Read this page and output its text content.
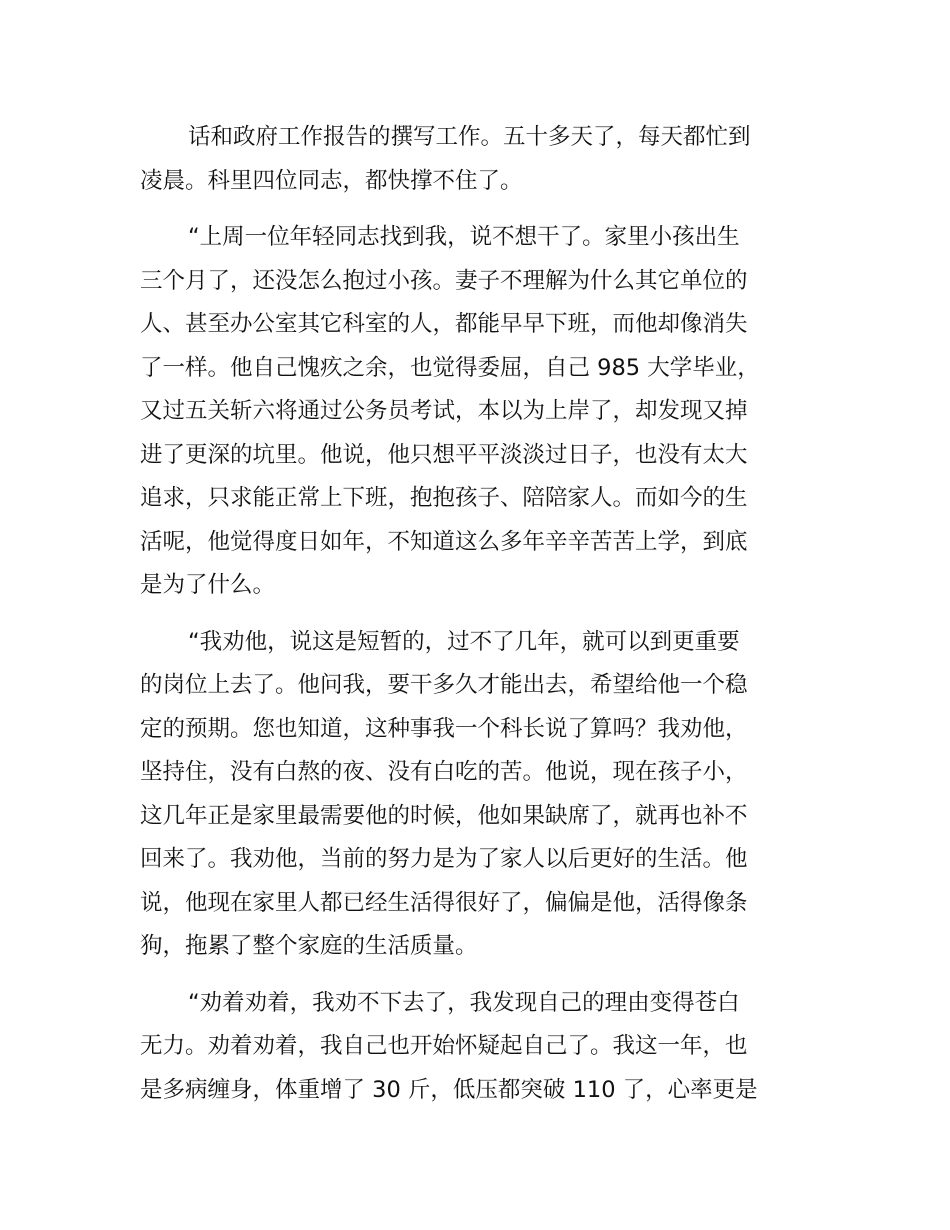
话和政府工作报告的撰写工作。五十多天了，每天都忙到
凌晨。科里四位同志，都快撑不住了。

“上周一位年轻同志找到我，说不想干了。家里小孩出生
三个月了，还没怎么抱过小孩。妻子不理解为什么其它单位的
人、甚至办公室其它科室的人，都能早早下班，而他却像消失
了一样。他自己愧疚之余，也觉得委屈，自己 985 大学毕业，
又过五关斩六将通过公务员考试，本以为上岸了，却发现又掉
进了更深的坑里。他说，他只想平平淡淡过日子，也没有太大
追求，只求能正常上下班，抱抱孩子、陪陪家人。而如今的生
活呢，他觉得度日如年，不知道这么多年辛辛苦苦上学，到底
是为了什么。

“我劝他，说这是短暂的，过不了几年，就可以到更重要
的岗位上去了。他问我，要干多久才能出去，希望给他一个稳
定的预期。您也知道，这种事我一个科长说了算吗？我劝他，
坚持住，没有白熬的夜、没有白吃的苦。他说，现在孩子小，
这几年正是家里最需要他的时候，他如果缺席了，就再也补不
回来了。我劝他，当前的努力是为了家人以后更好的生活。他
说，他现在家里人都已经生活得很好了，偏偏是他，活得像条
狗，拖累了整个家庭的生活质量。

“劝着劝着，我劝不下去了，我发现自己的理由变得苍白
无力。劝着劝着，我自己也开始怀疑起自己了。我这一年，也
是多病缠身，体重增了 30 斤，低压都突破 110 了，心率更是
